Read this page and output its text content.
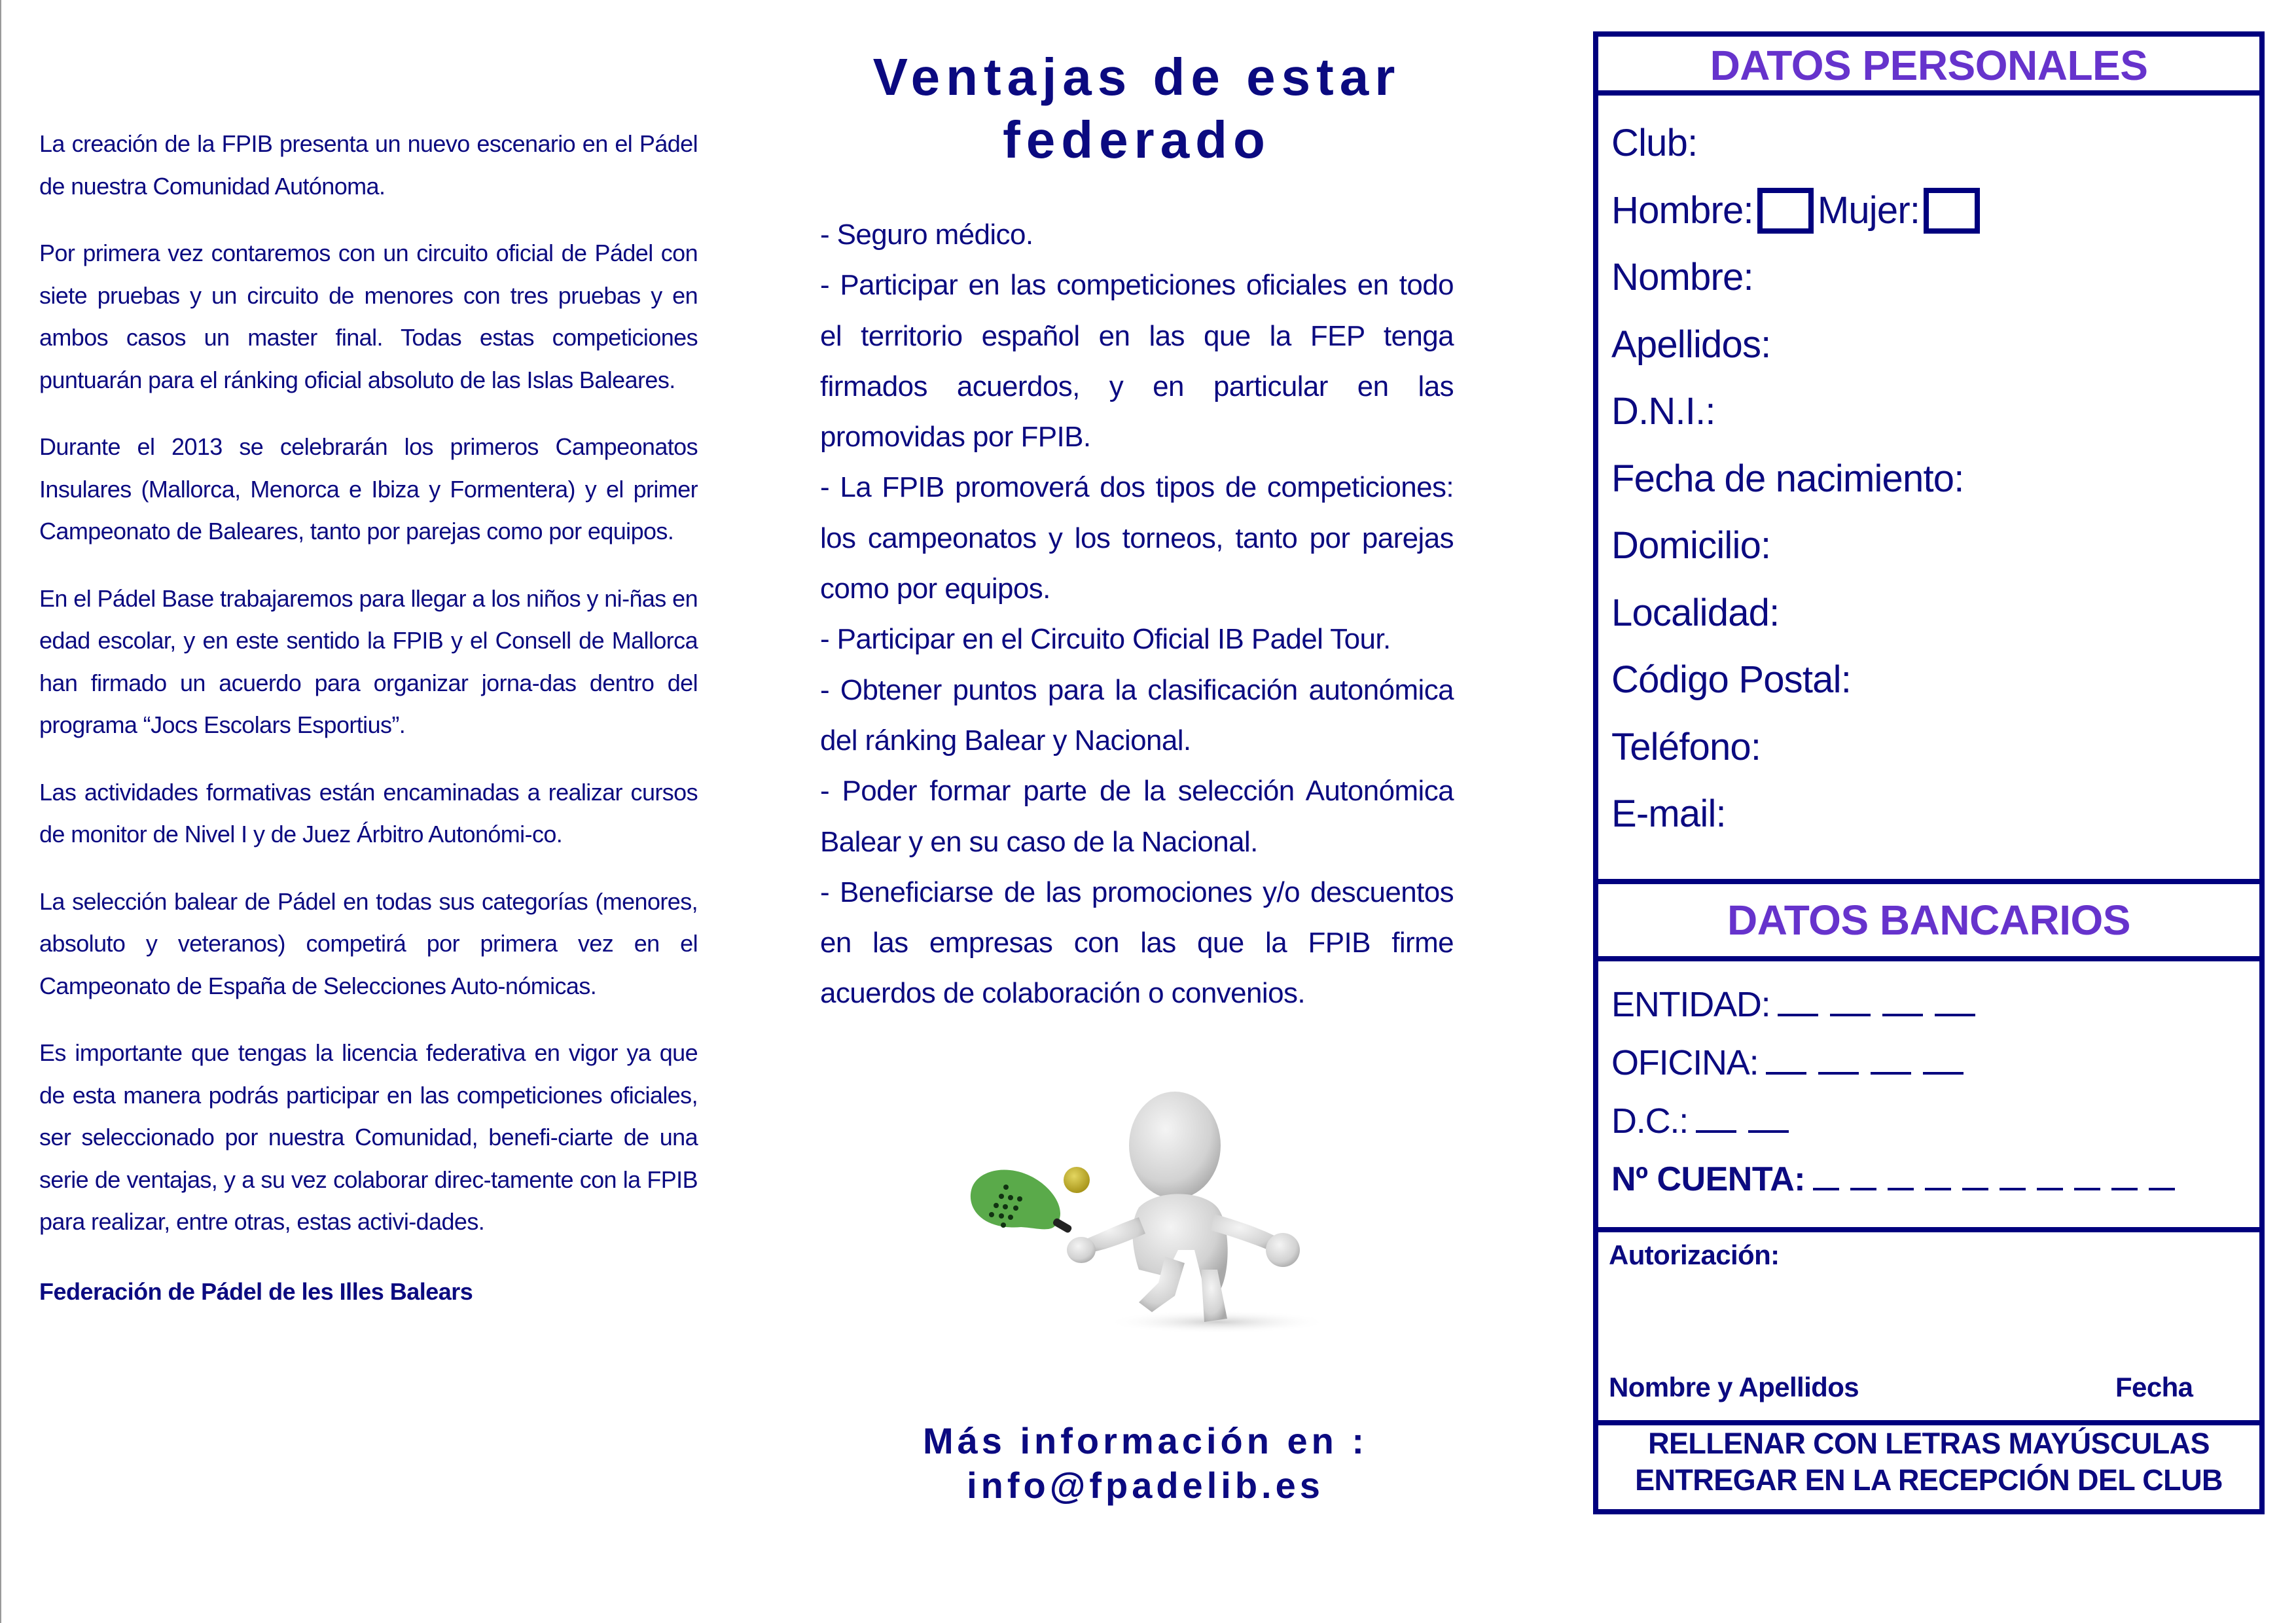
La creación de la FPIB presenta un nuevo escenario en el Pádel de nuestra Comunidad Autónoma.

Por primera vez contaremos con un circuito oficial de Pádel con siete pruebas y un circuito de menores con tres pruebas y en ambos casos un master final. Todas estas competiciones puntuarán para el ránking oficial absoluto de las Islas Baleares.

Durante el 2013 se celebrarán los primeros Campeonatos Insulares (Mallorca, Menorca e Ibiza y Formentera) y el primer Campeonato de Baleares, tanto por parejas como por equipos.

En el Pádel Base trabajaremos para llegar a los niños y ni-ñas en edad escolar, y en este sentido la FPIB y el Consell de Mallorca han firmado un acuerdo para organizar jorna-das dentro del programa “Jocs Escolars Esportius”.

Las actividades formativas están encaminadas a realizar cursos de monitor de Nivel I y de Juez Árbitro Autonómi-co.

La selección balear de Pádel en todas sus categorías (menores, absoluto y veteranos) competirá por primera vez en el Campeonato de España de Selecciones Auto-nómicas.

Es importante que tengas la licencia federativa en vigor ya que de esta manera podrás participar en las competiciones oficiales, ser seleccionado por nuestra Comunidad, benefi-ciarte de una serie de ventajas, y a su vez colaborar direc-tamente con la FPIB para realizar, entre otras, estas activi-dades.

Federación de Pádel de les Illes Balears

Ventajas de estar
federado

- Seguro médico.

- Participar en las competiciones oficiales en todo el territorio español en las que la FEP tenga firmados acuerdos, y en particular en las promovidas por FPIB.

- La FPIB promoverá dos tipos de competiciones: los campeonatos y los torneos, tanto por parejas como por equipos.

- Participar en el Circuito Oficial IB Padel Tour.

- Obtener puntos para la clasificación autonómica del ránking Balear y Nacional.

- Poder formar parte de la selección Autonómica Balear y en su caso de la Nacional.

- Beneficiarse de las promociones y/o descuentos en las empresas con las que la FPIB firme acuerdos de colaboración o convenios.

Más información en :
info@fpadelib.es
DATOS PERSONALES
Club:
Hombre: Mujer:
Nombre:
Apellidos:
D.N.I.:
Fecha de nacimiento:
Domicilio:
Localidad:
Código Postal:
Teléfono:
E-mail:
DATOS BANCARIOS
ENTIDAD:
OFICINA:
D.C.:
Nº CUENTA:
Autorización:
Nombre y Apellidos	Fecha
RELLENAR CON LETRAS MAYÚSCULAS
ENTREGAR EN LA RECEPCIÓN DEL CLUB
